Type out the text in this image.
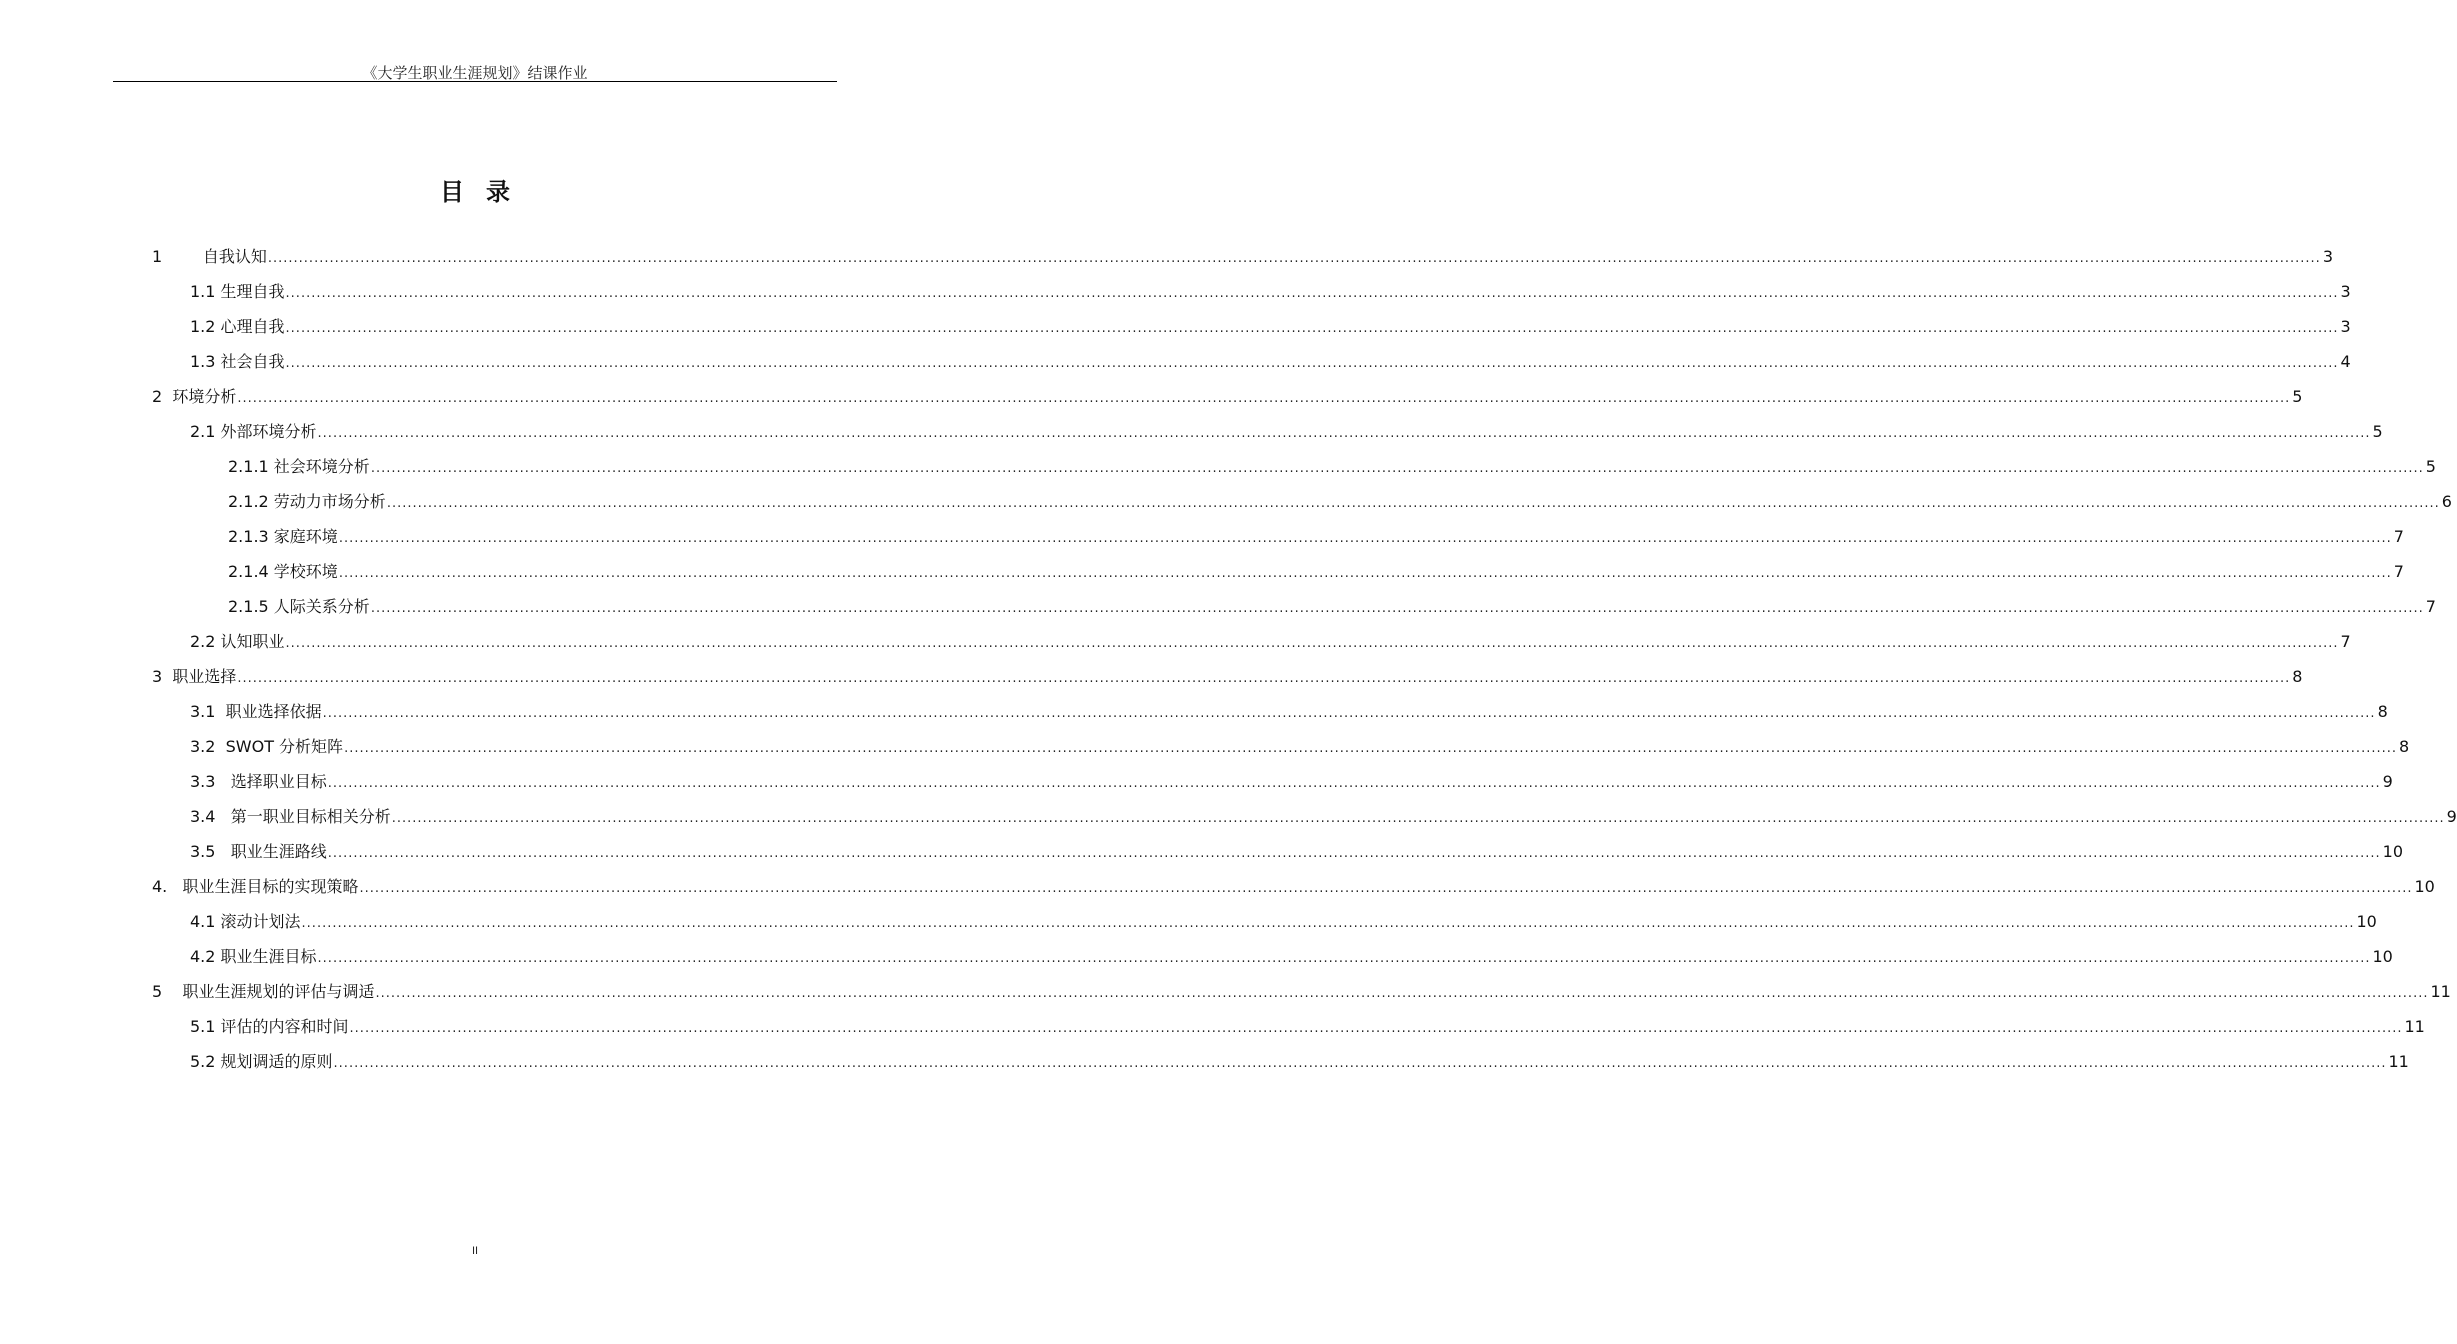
《大学生职业生涯规划》结课作业
目录
1        自我认知 ................................................................................................................................................................................................................................................................................................................................................................................................................ 3
1.1 生理自我 ................................................................................................................................................................................................................................................................................................................................................................................................................ 3
1.2 心理自我 ................................................................................................................................................................................................................................................................................................................................................................................................................ 3
1.3 社会自我 ................................................................................................................................................................................................................................................................................................................................................................................................................ 4
2  环境分析 ................................................................................................................................................................................................................................................................................................................................................................................................................ 5
2.1 外部环境分析 ................................................................................................................................................................................................................................................................................................................................................................................................................ 5
2.1.1 社会环境分析 ................................................................................................................................................................................................................................................................................................................................................................................................................ 5
2.1.2 劳动力市场分析 ................................................................................................................................................................................................................................................................................................................................................................................................................ 6
2.1.3 家庭环境 ................................................................................................................................................................................................................................................................................................................................................................................................................ 7
2.1.4 学校环境 ................................................................................................................................................................................................................................................................................................................................................................................................................ 7
2.1.5 人际关系分析 ................................................................................................................................................................................................................................................................................................................................................................................................................ 7
2.2 认知职业 ................................................................................................................................................................................................................................................................................................................................................................................................................ 7
3  职业选择 ................................................................................................................................................................................................................................................................................................................................................................................................................ 8
3.1  职业选择依据 ................................................................................................................................................................................................................................................................................................................................................................................................................ 8
3.2  SWOT 分析矩阵 ................................................................................................................................................................................................................................................................................................................................................................................................................ 8
3.3   选择职业目标 ................................................................................................................................................................................................................................................................................................................................................................................................................ 9
3.4   第一职业目标相关分析 ................................................................................................................................................................................................................................................................................................................................................................................................................ 9
3.5   职业生涯路线 ................................................................................................................................................................................................................................................................................................................................................................................................................ 10
4.   职业生涯目标的实现策略 ................................................................................................................................................................................................................................................................................................................................................................................................................ 10
4.1 滚动计划法 ................................................................................................................................................................................................................................................................................................................................................................................................................ 10
4.2 职业生涯目标 ................................................................................................................................................................................................................................................................................................................................................................................................................ 10
5    职业生涯规划的评估与调适 ................................................................................................................................................................................................................................................................................................................................................................................................................ 11
5.1 评估的内容和时间 ................................................................................................................................................................................................................................................................................................................................................................................................................ 11
5.2 规划调适的原则 ................................................................................................................................................................................................................................................................................................................................................................................................................ 11
II
